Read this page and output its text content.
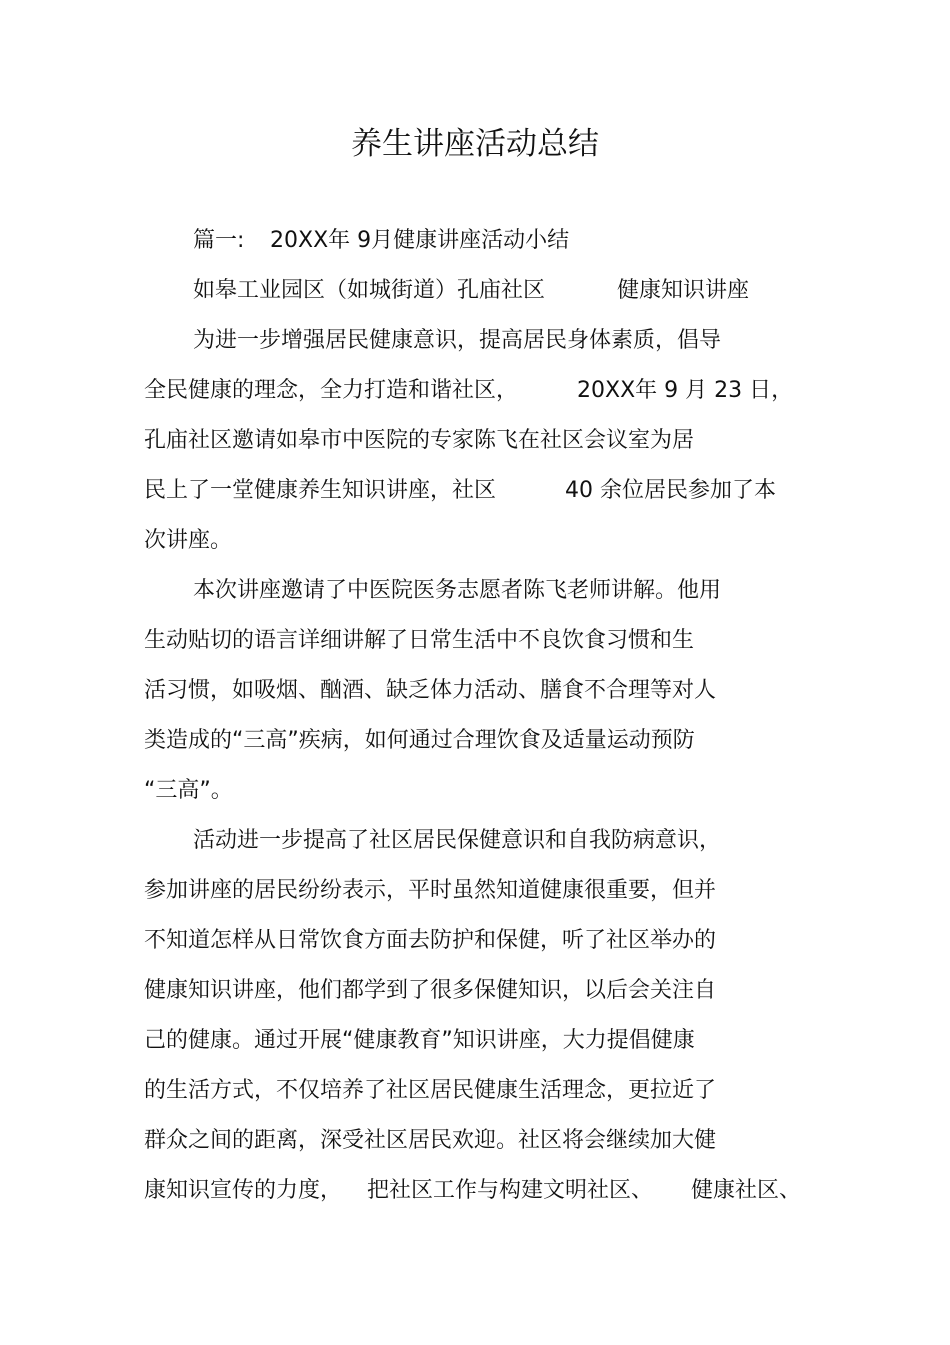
养生讲座活动总结
篇一: 20XX年 9月健康讲座活动小结
如皋工业园区（如城街道）孔庙社区	健康知识讲座
为进一步增强居民健康意识，提高居民身体素质，倡导
全民健康的理念，全力打造和谐社区，	20XX年 9 月 23 日，
孔庙社区邀请如皋市中医院的专家陈飞在社区会议室为居
民上了一堂健康养生知识讲座，社区	40 余位居民参加了本
次讲座。
本次讲座邀请了中医院医务志愿者陈飞老师讲解。他用
生动贴切的语言详细讲解了日常生活中不良饮食习惯和生
活习惯，如吸烟、酗酒、缺乏体力活动、膳食不合理等对人
类造成的“三高”疾病，如何通过合理饮食及适量运动预防
“三高”。
活动进一步提高了社区居民保健意识和自我防病意识，
参加讲座的居民纷纷表示，平时虽然知道健康很重要，但并
不知道怎样从日常饮食方面去防护和保健，听了社区举办的
健康知识讲座，他们都学到了很多保健知识，以后会关注自
己的健康。通过开展“健康教育”知识讲座，大力提倡健康
的生活方式，不仅培养了社区居民健康生活理念，更拉近了
群众之间的距离，深受社区居民欢迎。社区将会继续加大健
康知识宣传的力度， 把社区工作与构建文明社区、 健康社区、
